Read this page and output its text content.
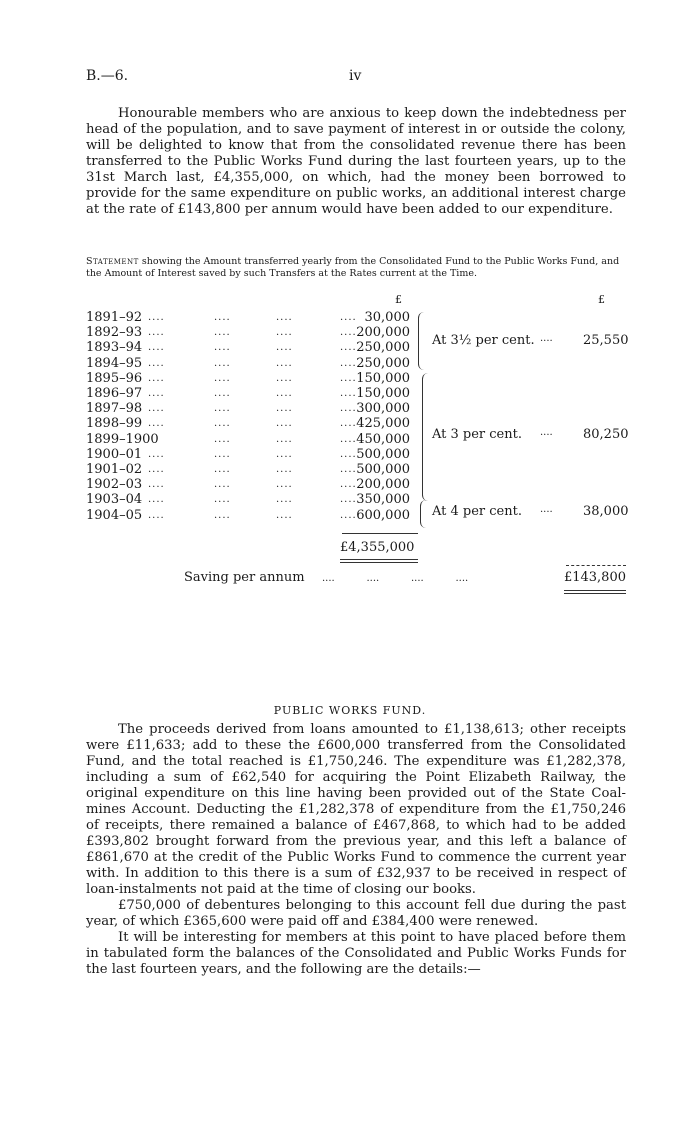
B.—6.	iv

Honourable members who are anxious to keep down the indebtedness per head of the population, and to save payment of interest in or outside the colony, will be delighted to know that from the consolidated revenue there has been transferred to the Public Works Fund during the last fourteen years, up to the 31st March last, £4,355,000, on which, had the money been borrowed to provide for the same expenditure on public works, an additional interest charge at the rate of £143,800 per annum would have been added to our expenditure.

Statement showing the Amount transferred yearly from the Consolidated Fund to the Public Works Fund, and the Amount of Interest saved by such Transfers at the Rates current at the Time.
£	£
1891–92 ....	....	....	.... 30,000
1892–93 ....	....	....	.... 200,000
1893–94 ....	....	....	.... 250,000
1894–95 ....	....	....	.... 250,000
1895–96 ....	....	....	.... 150,000
1896–97 ....	....	....	.... 150,000
1897–98 ....	....	....	.... 300,000
1898–99 ....	....	....	.... 425,000
1899–1900	....	....	.... 450,000
1900–01 ....	....	....	.... 500,000
1901–02 ....	....	....	.... 500,000
1902–03 ....	....	....	.... 200,000
1903–04 ....	....	....	.... 350,000
1904–05 ....	....	....	.... 600,000
At 3½ per cent. .... 25,550
At 3 per cent. .... 80,250
At 4 per cent. .... 38,000
£4,355,000
Saving per annum ....          ....          ....          ....	£143,800
PUBLIC WORKS FUND.

The proceeds derived from loans amounted to £1,138,613; other receipts were £11,633; add to these the £600,000 transferred from the Consolidated Fund, and the total reached is £1,750,246. The expenditure was £1,282,378, including a sum of £62,540 for acquiring the Point Elizabeth Railway, the original expenditure on this line having been provided out of the State Coal-mines Account. Deducting the £1,282,378 of expenditure from the £1,750,246 of receipts, there remained a balance of £467,868, to which had to be added £393,802 brought forward from the previous year, and this left a balance of £861,670 at the credit of the Public Works Fund to commence the current year with. In addition to this there is a sum of £32,937 to be received in respect of loan-instalments not paid at the time of closing our books.

£750,000 of debentures belonging to this account fell due during the past year, of which £365,600 were paid off and £384,400 were renewed.

It will be interesting for members at this point to have placed before them in tabulated form the balances of the Consolidated and Public Works Funds for the last fourteen years, and the following are the details:—
